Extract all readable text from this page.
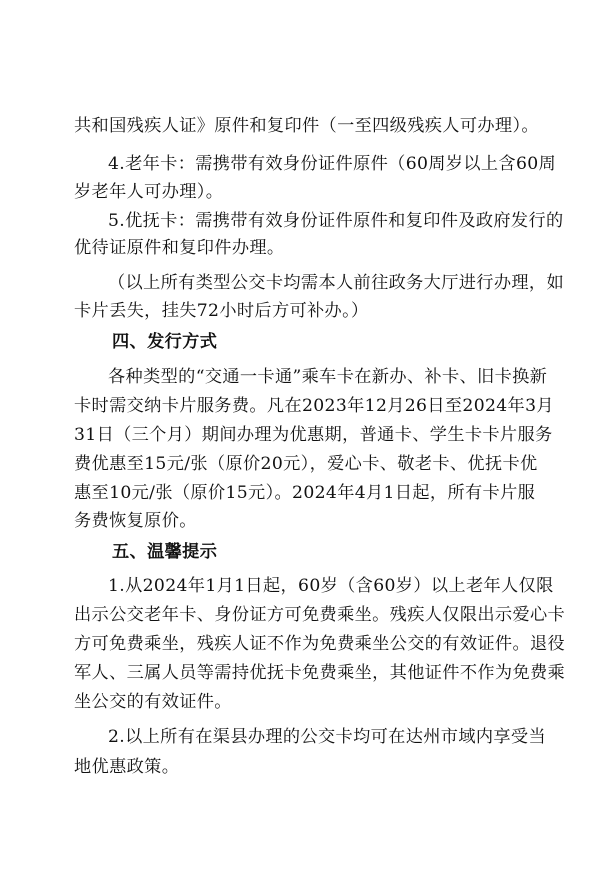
共和国残疾人证》原件和复印件（一至四级残疾人可办理）。
4.老年卡：需携带有效身份证件原件（60周岁以上含60周
岁老年人可办理）。
5.优抚卡：需携带有效身份证件原件和复印件及政府发行的
优待证原件和复印件办理。
（以上所有类型公交卡均需本人前往政务大厅进行办理，如
卡片丢失，挂失72小时后方可补办。）
四、发行方式
各种类型的“交通一卡通”乘车卡在新办、补卡、旧卡换新
卡时需交纳卡片服务费。凡在2023年12月26日至2024年3月
31日（三个月）期间办理为优惠期，普通卡、学生卡卡片服务
费优惠至15元/张（原价20元），爱心卡、敬老卡、优抚卡优
惠至10元/张（原价15元）。2024年4月1日起，所有卡片服
务费恢复原价。
五、温馨提示
1.从2024年1月1日起，60岁（含60岁）以上老年人仅限
出示公交老年卡、身份证方可免费乘坐。残疾人仅限出示爱心卡
方可免费乘坐，残疾人证不作为免费乘坐公交的有效证件。退役
军人、三属人员等需持优抚卡免费乘坐，其他证件不作为免费乘
坐公交的有效证件。
2.以上所有在渠县办理的公交卡均可在达州市域内享受当
地优惠政策。
